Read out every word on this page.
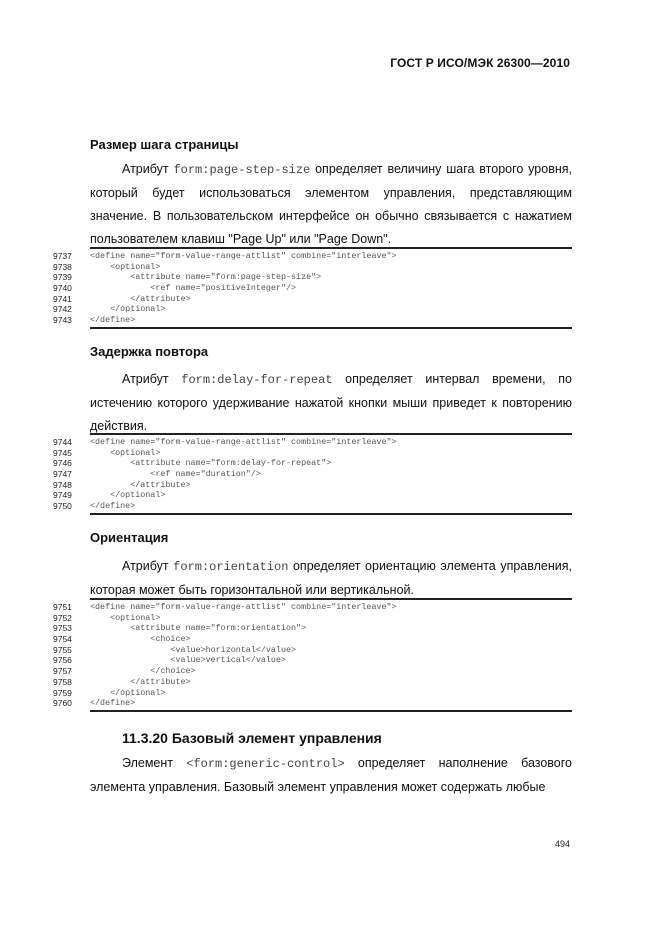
ГОСТ Р ИСО/МЭК 26300—2010
Размер шага страницы

Атрибут form:page-step-size определяет величину шага второго уровня, который будет использоваться элементом управления, представляющим значение. В пользовательском интерфейсе он обычно связывается с нажатием пользователем клавиш "Page Up" или "Page Down".

9737	<define name="form-value-range-attlist" combine="interleave">
9738	<optional>
9739	<attribute name="form:page-step-size">
9740	<ref name="positiveInteger"/>
9741	</attribute>
9742	</optional>
9743	</define>
Задержка повтора

Атрибут form:delay-for-repeat определяет интервал времени, по истечению которого удерживание нажатой кнопки мыши приведет к повторению действия.

9744	<define name="form-value-range-attlist" combine="interleave">
9745	<optional>
9746	<attribute name="form:delay-for-repeat">
9747	<ref name="duration"/>
9748	</attribute>
9749	</optional>
9750	</define>
Ориентация

Атрибут form:orientation определяет ориентацию элемента управления, которая может быть горизонтальной или вертикальной.

9751	<define name="form-value-range-attlist" combine="interleave">
9752	<optional>
9753	<attribute name="form:orientation">
9754	<choice>
9755	<value>horizontal</value>
9756	<value>vertical</value>
9757	</choice>
9758	</attribute>
9759	</optional>
9760	</define>
11.3.20 Базовый элемент управления

Элемент <form:generic-control> определяет наполнение базового элемента управления. Базовый элемент управления может содержать любые

494
